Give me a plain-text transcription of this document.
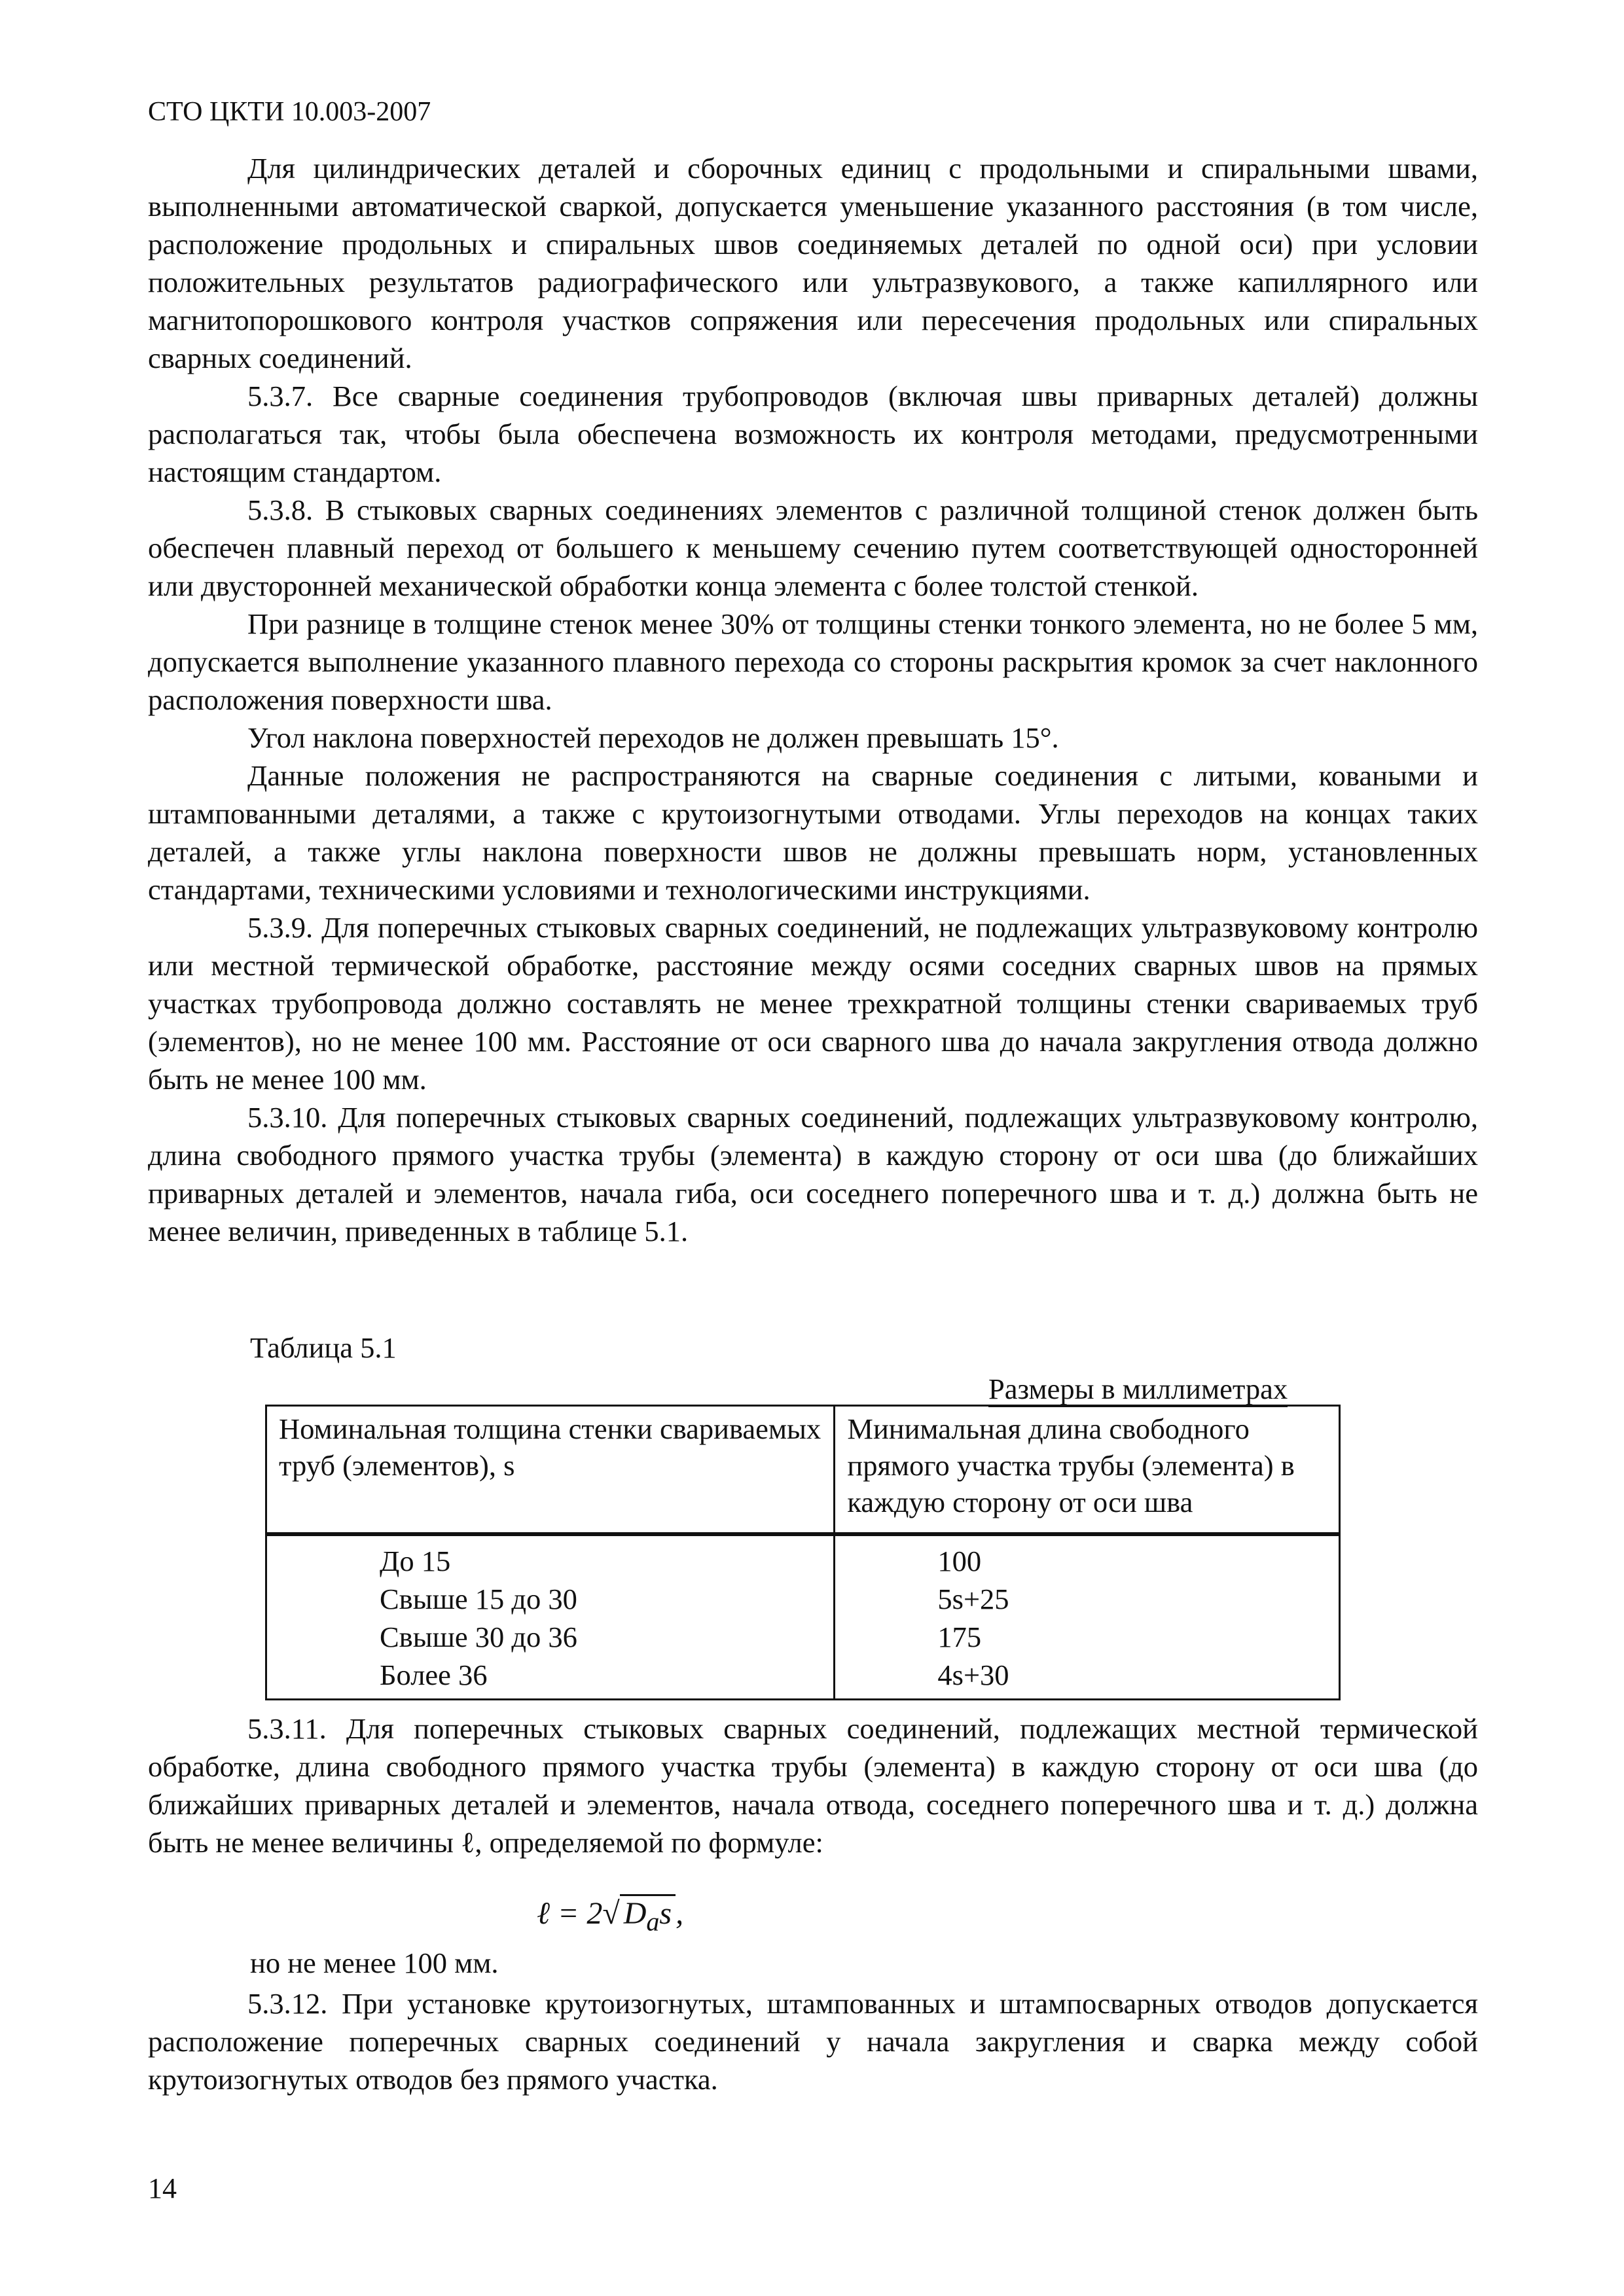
СТО ЦКТИ 10.003-2007

Для цилиндрических деталей и сборочных единиц с продольными и спиральными швами, выполненными автоматической сваркой, допускается уменьшение указанного расстояния (в том числе, расположение продольных и спиральных швов соединяемых деталей по одной оси) при условии положительных результатов радиографического или ультразвукового, а также капиллярного или магнитопорошкового контроля участков сопряжения или пересечения продольных или спиральных сварных соединений.

5.3.7. Все сварные соединения трубопроводов (включая швы приварных деталей) должны располагаться так, чтобы была обеспечена возможность их контроля методами, предусмотренными настоящим стандартом.

5.3.8. В стыковых сварных соединениях элементов с различной толщиной стенок должен быть обеспечен плавный переход от большего к меньшему сечению путем соответствующей односторонней или двусторонней механической обработки конца элемента с более толстой стенкой.

При разнице в толщине стенок менее 30% от толщины стенки тонкого элемента, но не более 5 мм, допускается выполнение указанного плавного перехода со стороны раскрытия кромок за счет наклонного расположения поверхности шва.

Угол наклона поверхностей переходов не должен превышать 15°.

Данные положения не распространяются на сварные соединения с литыми, коваными и штампованными деталями, а также с крутоизогнутыми отводами. Углы переходов на концах таких деталей, а также углы наклона поверхности швов не должны превышать норм, установленных стандартами, техническими условиями и технологическими инструкциями.

5.3.9. Для поперечных стыковых сварных соединений, не подлежащих ультразвуковому контролю или местной термической обработке, расстояние между осями соседних сварных швов на прямых участках трубопровода должно составлять не менее трехкратной толщины стенки свариваемых труб (элементов), но не менее 100 мм. Расстояние от оси сварного шва до начала закругления отвода должно быть не менее 100 мм.

5.3.10. Для поперечных стыковых сварных соединений, подлежащих ультразвуковому контролю, длина свободного прямого участка трубы (элемента) в каждую сторону от оси шва (до ближайших приварных деталей и элементов, начала гиба, оси соседнего поперечного шва и т. д.) должна быть не менее величин, приведенных в таблице 5.1.

Таблица 5.1
Размеры в миллиметрах
Номинальная толщина стенки свариваемых труб (элементов), s	Минимальная длина свободного прямого участка трубы (элемента) в каждую сторону от оси шва
До 15	100
Свыше 15 до 30	5s+25
Свыше 30 до 36	175
Более 36	4s+30

5.3.11. Для поперечных стыковых сварных соединений, подлежащих местной термической обработке, длина свободного прямого участка трубы (элемента) в каждую сторону от оси шва (до ближайших приварных деталей и элементов, начала отвода, соседнего поперечного шва и т. д.) должна быть не менее величины ℓ, определяемой по формуле:

ℓ = 2√ $D_as$ ,
но не менее 100 мм.

5.3.12. При установке крутоизогнутых, штампованных и штампосварных отводов допускается расположение поперечных сварных соединений у начала закругления и сварка между собой крутоизогнутых отводов без прямого участка.

14
